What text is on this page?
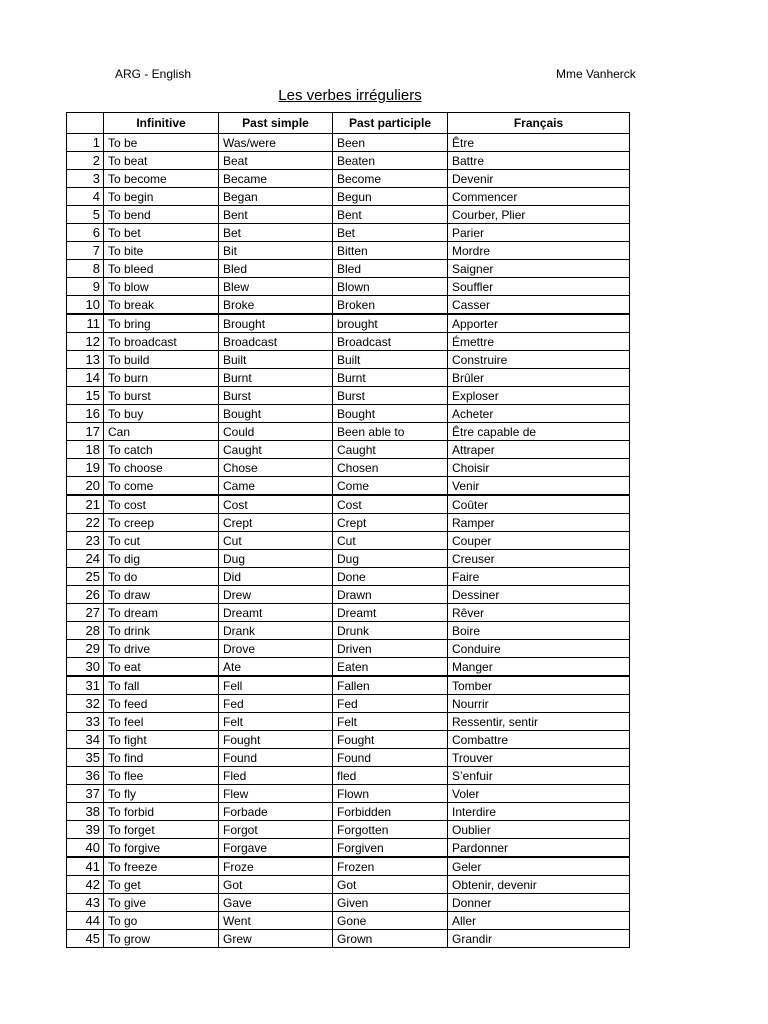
ARG - English	Mme Vanherck
Les verbes irréguliers
	Infinitive	Past simple	Past participle	Français
1	To be	Was/were	Been	Être
2	To beat	Beat	Beaten	Battre
3	To become	Became	Become	Devenir
4	To begin	Began	Begun	Commencer
5	To bend	Bent	Bent	Courber, Plier
6	To bet	Bet	Bet	Parier
7	To bite	Bit	Bitten	Mordre
8	To bleed	Bled	Bled	Saigner
9	To blow	Blew	Blown	Souffler
10	To break	Broke	Broken	Casser
11	To bring	Brought	brought	Apporter
12	To broadcast	Broadcast	Broadcast	Émettre
13	To build	Built	Built	Construire
14	To burn	Burnt	Burnt	Brûler
15	To burst	Burst	Burst	Exploser
16	To buy	Bought	Bought	Acheter
17	Can	Could	Been able to	Être capable de
18	To catch	Caught	Caught	Attraper
19	To choose	Chose	Chosen	Choisir
20	To come	Came	Come	Venir
21	To cost	Cost	Cost	Coûter
22	To creep	Crept	Crept	Ramper
23	To cut	Cut	Cut	Couper
24	To dig	Dug	Dug	Creuser
25	To do	Did	Done	Faire
26	To draw	Drew	Drawn	Dessiner
27	To dream	Dreamt	Dreamt	Rêver
28	To drink	Drank	Drunk	Boire
29	To drive	Drove	Driven	Conduire
30	To eat	Ate	Eaten	Manger
31	To fall	Fell	Fallen	Tomber
32	To feed	Fed	Fed	Nourrir
33	To feel	Felt	Felt	Ressentir, sentir
34	To fight	Fought	Fought	Combattre
35	To find	Found	Found	Trouver
36	To flee	Fled	fled	S’enfuir
37	To fly	Flew	Flown	Voler
38	To forbid	Forbade	Forbidden	Interdire
39	To forget	Forgot	Forgotten	Oublier
40	To forgive	Forgave	Forgiven	Pardonner
41	To freeze	Froze	Frozen	Geler
42	To get	Got	Got	Obtenir, devenir
43	To give	Gave	Given	Donner
44	To go	Went	Gone	Aller
45	To grow	Grew	Grown	Grandir
